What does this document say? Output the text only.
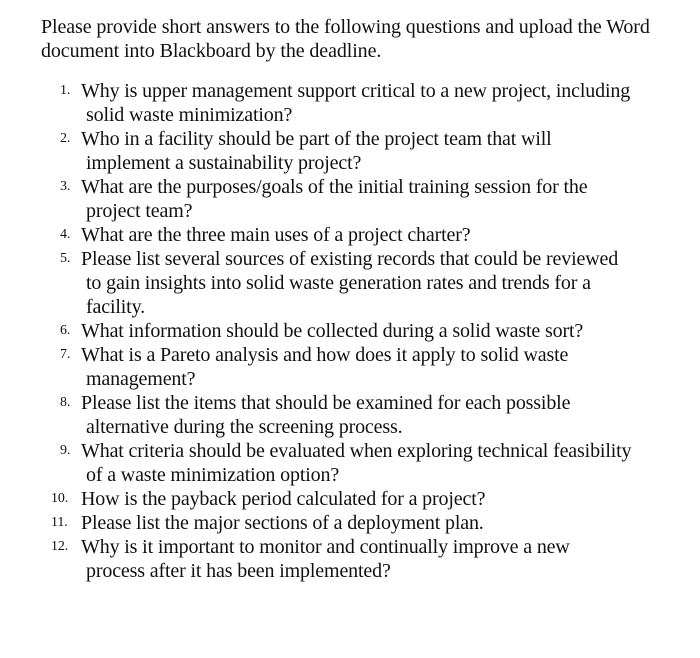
Please provide short answers to the following questions and upload the Word document into Blackboard by the deadline.

1. Why is upper management support critical to a new project, including
solid waste minimization?
2. Who in a facility should be part of the project team that will
implement a sustainability project?
3. What are the purposes/goals of the initial training session for the
project team?
4. What are the three main uses of a project charter?
5. Please list several sources of existing records that could be reviewed
to gain insights into solid waste generation rates and trends for a
facility.
6. What information should be collected during a solid waste sort?
7. What is a Pareto analysis and how does it apply to solid waste
management?
8. Please list the items that should be examined for each possible
alternative during the screening process.
9. What criteria should be evaluated when exploring technical feasibility
of a waste minimization option?
10. How is the payback period calculated for a project?
11. Please list the major sections of a deployment plan.
12. Why is it important to monitor and continually improve a new
process after it has been implemented?
